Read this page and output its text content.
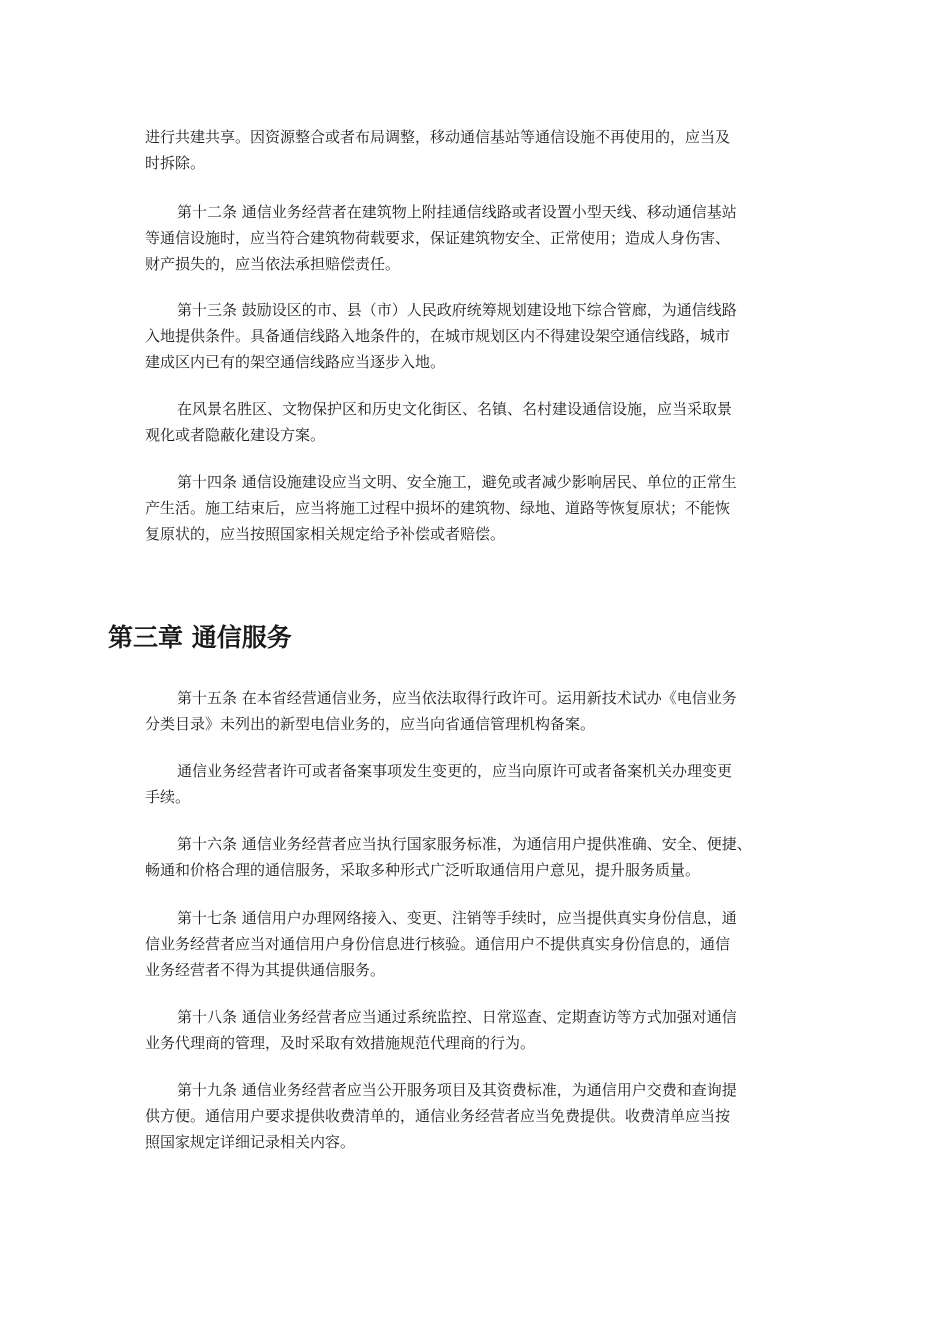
进行共建共享。因资源整合或者布局调整，移动通信基站等通信设施不再使用的，应当及
时拆除。

第十二条 通信业务经营者在建筑物上附挂通信线路或者设置小型天线、移动通信基站
等通信设施时，应当符合建筑物荷载要求，保证建筑物安全、正常使用；造成人身伤害、
财产损失的，应当依法承担赔偿责任。

第十三条 鼓励设区的市、县（市）人民政府统筹规划建设地下综合管廊，为通信线路
入地提供条件。具备通信线路入地条件的，在城市规划区内不得建设架空通信线路，城市
建成区内已有的架空通信线路应当逐步入地。

在风景名胜区、文物保护区和历史文化街区、名镇、名村建设通信设施，应当采取景
观化或者隐蔽化建设方案。

第十四条 通信设施建设应当文明、安全施工，避免或者减少影响居民、单位的正常生
产生活。施工结束后，应当将施工过程中损坏的建筑物、绿地、道路等恢复原状；不能恢
复原状的，应当按照国家相关规定给予补偿或者赔偿。

第三章 通信服务

第十五条 在本省经营通信业务，应当依法取得行政许可。运用新技术试办《电信业务
分类目录》未列出的新型电信业务的，应当向省通信管理机构备案。

通信业务经营者许可或者备案事项发生变更的，应当向原许可或者备案机关办理变更
手续。

第十六条 通信业务经营者应当执行国家服务标准，为通信用户提供准确、安全、便捷、
畅通和价格合理的通信服务，采取多种形式广泛听取通信用户意见，提升服务质量。

第十七条 通信用户办理网络接入、变更、注销等手续时，应当提供真实身份信息，通
信业务经营者应当对通信用户身份信息进行核验。通信用户不提供真实身份信息的，通信
业务经营者不得为其提供通信服务。

第十八条 通信业务经营者应当通过系统监控、日常巡查、定期查访等方式加强对通信
业务代理商的管理，及时采取有效措施规范代理商的行为。

第十九条 通信业务经营者应当公开服务项目及其资费标准，为通信用户交费和查询提
供方便。通信用户要求提供收费清单的，通信业务经营者应当免费提供。收费清单应当按
照国家规定详细记录相关内容。
